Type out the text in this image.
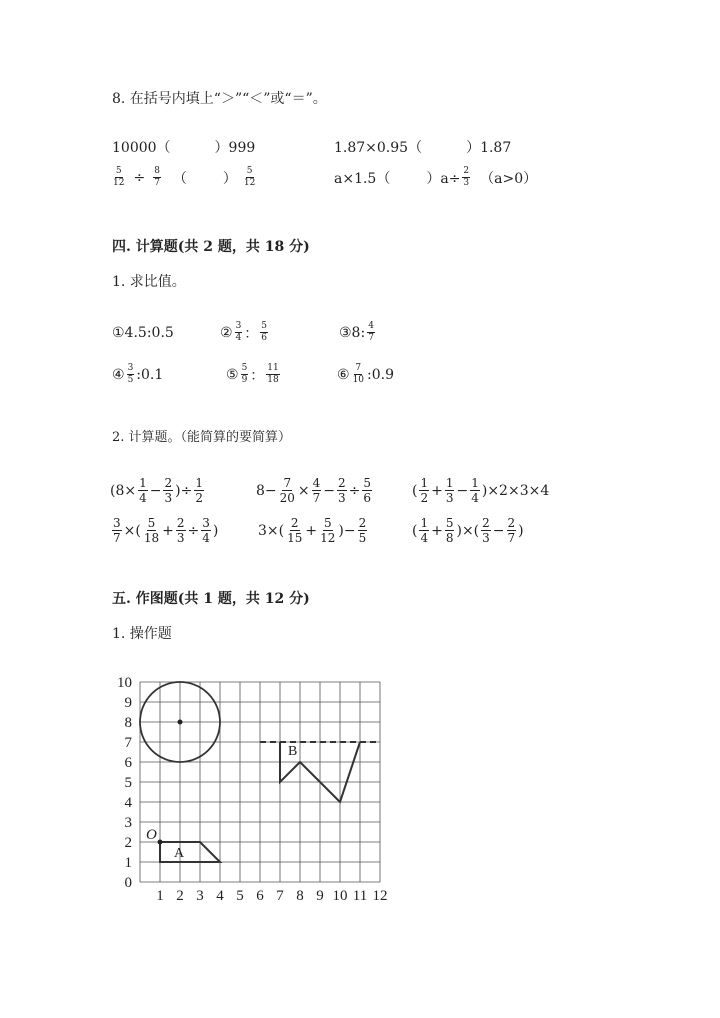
8. 在括号内填上“＞”“＜”或“＝”。
10000（	）999	1.87×0.95（	）1.87
$\frac{5}{12} \div \frac{8}{7}$ （	） $\frac{5}{12}$	a×1.5（	）$a\div \frac{2}{3} (a>0)$
四. 计算题(共 2 题，共 18 分)
1. 求比值。
①4.5:0.5	② $\frac{3}{4}$ ： $\frac{5}{6}$	③8: $\frac{4}{7}$
④ $\frac{3}{5}$ :0.1	⑤ $\frac{5}{9}$ ： $\frac{11}{18}$	⑥ $\frac{7}{10}$ :0.9
2. 计算题。（能简算的要简算）
($8\times \frac{1}{4} - \frac{2}{3}$ )÷ $\frac{1}{2}$	$8- \frac{7}{20} \times \frac{4}{7} - \frac{2}{3} \div \frac{5}{6}$	( $\frac{1}{2} + \frac{1}{3} - \frac{1}{4} )\times 2\times 3\times 4$
$\frac{3}{7}$ ×( $\frac{5}{18} + \frac{2}{3} \div \frac{3}{4}$ )	$3\times( \frac{2}{15} + \frac{5}{12}$ )− $\frac{2}{5}$	( $\frac{1}{4} + \frac{5}{8}$ )×( $\frac{2}{3} - \frac{2}{7}$ )
五. 作图题(共 1 题，共 12 分)
1. 操作题
1 2 3 4 5 6 7 8 9 10 11 12
0
1
2
3
4
5
6
7
8
9
10
O
A
B
